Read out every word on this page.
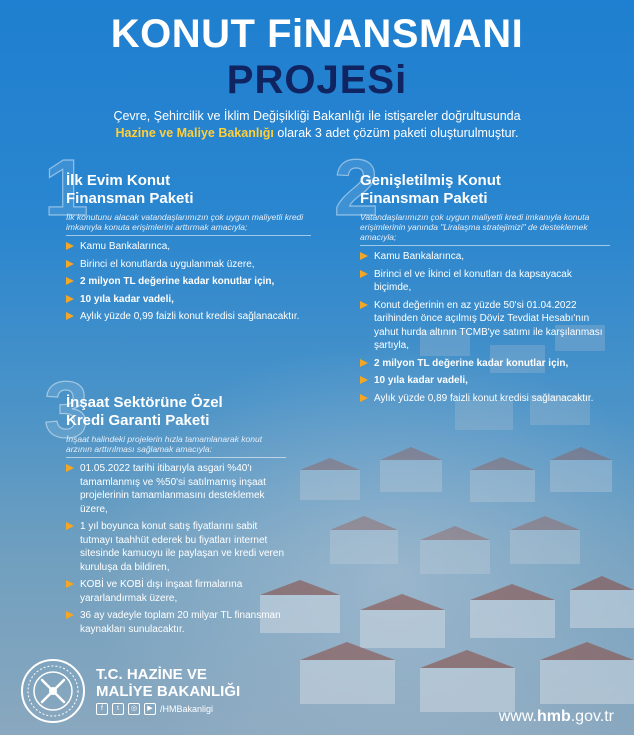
KONUT FiNANSMANI
PROJESi
Çevre, Şehircilik ve İklim Değişikliği Bakanlığı ile istişareler doğrultusunda
Hazine ve Maliye Bakanlığı olarak 3 adet çözüm paketi oluşturulmuştur.
1
İlk Evim Konut
Finansman Paketi
İlk konutunu alacak vatandaşlarımızın çok uygun maliyetli kredi imkanıyla konuta erişimlerini arttırmak amacıyla;
Kamu Bankalarınca,
Birinci el konutlarda uygulanmak üzere,
2 milyon TL değerine kadar konutlar için,
10 yıla kadar vadeli,
Aylık yüzde 0,99 faizli konut kredisi sağlanacaktır.
2
Genişletilmiş Konut
Finansman Paketi
Vatandaşlarımızın çok uygun maliyetli kredi imkanıyla konuta erişimlerinin yanında "Liralaşma stratejimizi" de desteklemek amacıyla;
Kamu Bankalarınca,
Birinci el ve İkinci el konutları da kapsayacak biçimde,
Konut değerinin en az yüzde 50'si 01.04.2022 tarihinden önce açılmış Döviz Tevdiat Hesabı'nın yahut hurda altının TCMB'ye satımı ile karşılanması şartıyla,
2 milyon TL değerine kadar konutlar için,
10 yıla kadar vadeli,
Aylık yüzde 0,89 faizli konut kredisi sağlanacaktır.
3
İnşaat Sektörüne Özel
Kredi Garanti Paketi
İnşaat halindeki projelerin hızla tamamlanarak konut arzının arttırılması sağlamak amacıyla:
01.05.2022 tarihi itibarıyla asgari %40'ı tamamlanmış ve %50'si satılmamış inşaat projelerinin tamamlanmasını desteklemek üzere,
1 yıl boyunca konut satış fiyatlarını sabit tutmayı taahhüt ederek bu fiyatları internet sitesinde kamuoyu ile paylaşan ve kredi veren kuruluşa da bildiren,
KOBİ ve KOBİ dışı inşaat firmalarına yararlandırmak üzere,
36 ay vadeyle toplam 20 milyar TL finansman kaynakları sunulacaktır.
T.C. HAZİNE VE
MALİYE BAKANLIĞI
f	t	◎	▶ /HMBakanligi	www.hmb.gov.tr
